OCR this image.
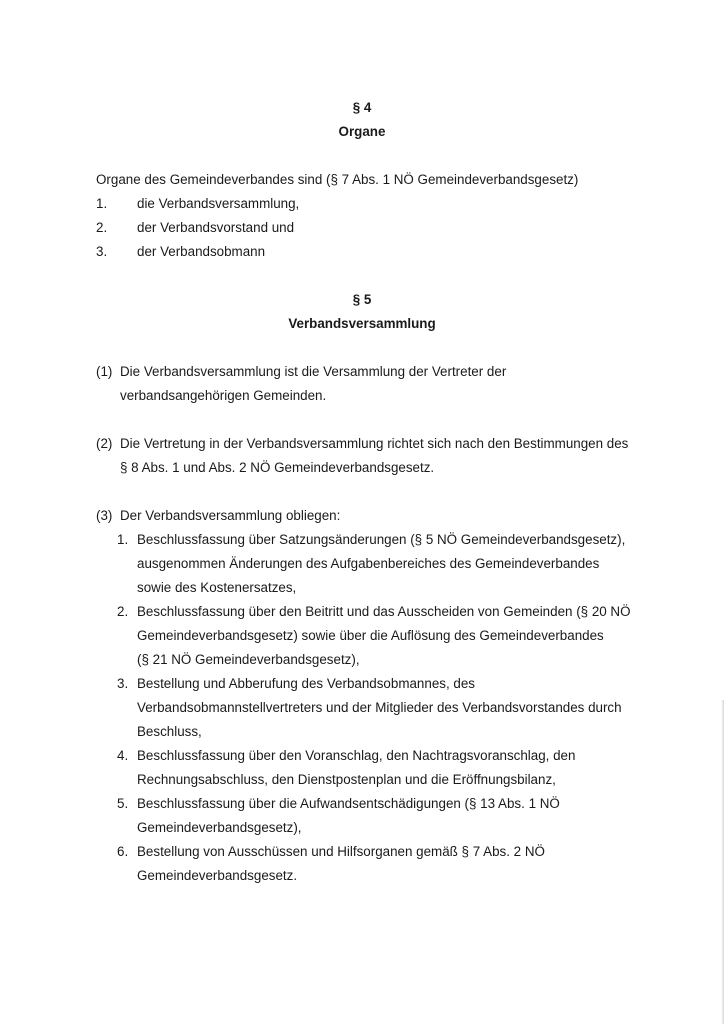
§ 4
Organe
Organe des Gemeindeverbandes sind (§ 7 Abs. 1 NÖ Gemeindeverbandsgesetz)
1. die Verbandsversammlung,
2. der Verbandsvorstand und
3. der Verbandsobmann
§ 5
Verbandsversammlung
(1) Die Verbandsversammlung ist die Versammlung der Vertreter der
verbandsangehörigen Gemeinden.
(2) Die Vertretung in der Verbandsversammlung richtet sich nach den Bestimmungen des
§ 8 Abs. 1 und Abs. 2 NÖ Gemeindeverbandsgesetz.
(3) Der Verbandsversammlung obliegen:
1. Beschlussfassung über Satzungsänderungen (§ 5 NÖ Gemeindeverbandsgesetz),
ausgenommen Änderungen des Aufgabenbereiches des Gemeindeverbandes
sowie des Kostenersatzes,
2. Beschlussfassung über den Beitritt und das Ausscheiden von Gemeinden (§ 20 NÖ
Gemeindeverbandsgesetz) sowie über die Auflösung des Gemeindeverbandes
(§ 21 NÖ Gemeindeverbandsgesetz),
3. Bestellung und Abberufung des Verbandsobmannes, des
Verbandsobmannstellvertreters und der Mitglieder des Verbandsvorstandes durch
Beschluss,
4. Beschlussfassung über den Voranschlag, den Nachtragsvoranschlag, den
Rechnungsabschluss, den Dienstpostenplan und die Eröffnungsbilanz,
5. Beschlussfassung über die Aufwandsentschädigungen (§ 13 Abs. 1 NÖ
Gemeindeverbandsgesetz),
6. Bestellung von Ausschüssen und Hilfsorganen gemäß § 7 Abs. 2 NÖ
Gemeindeverbandsgesetz.
